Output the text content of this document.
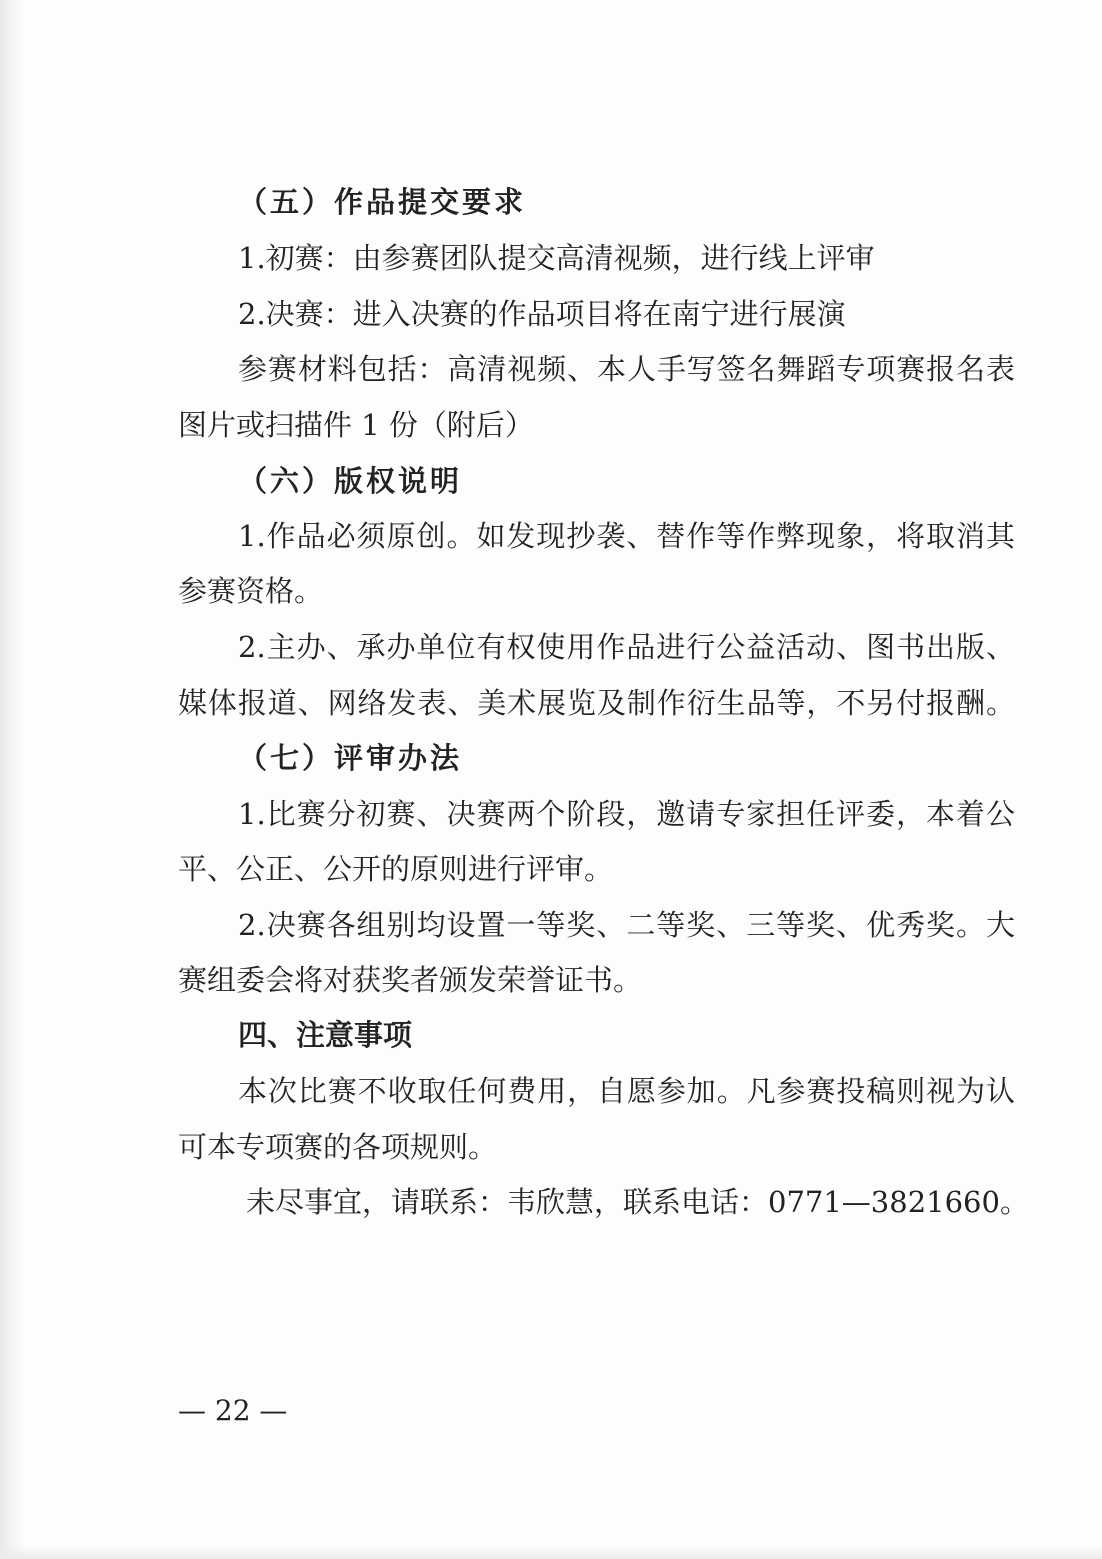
（五）作品提交要求
1.初赛：由参赛团队提交高清视频，进行线上评审
2.决赛：进入决赛的作品项目将在南宁进行展演
参赛材料包括：高清视频、本人手写签名舞蹈专项赛报名表
图片或扫描件 1 份（附后）
（六）版权说明
1.作品必须原创。如发现抄袭、替作等作弊现象，将取消其
参赛资格。
2.主办、承办单位有权使用作品进行公益活动、图书出版、
媒体报道、网络发表、美术展览及制作衍生品等，不另付报酬。
（七）评审办法
1.比赛分初赛、决赛两个阶段，邀请专家担任评委，本着公
平、公正、公开的原则进行评审。
2.决赛各组别均设置一等奖、二等奖、三等奖、优秀奖。大
赛组委会将对获奖者颁发荣誉证书。
四、注意事项
本次比赛不收取任何费用，自愿参加。凡参赛投稿则视为认
可本专项赛的各项规则。
未尽事宜，请联系：韦欣慧，联系电话：0771—3821660。
— 22 —
